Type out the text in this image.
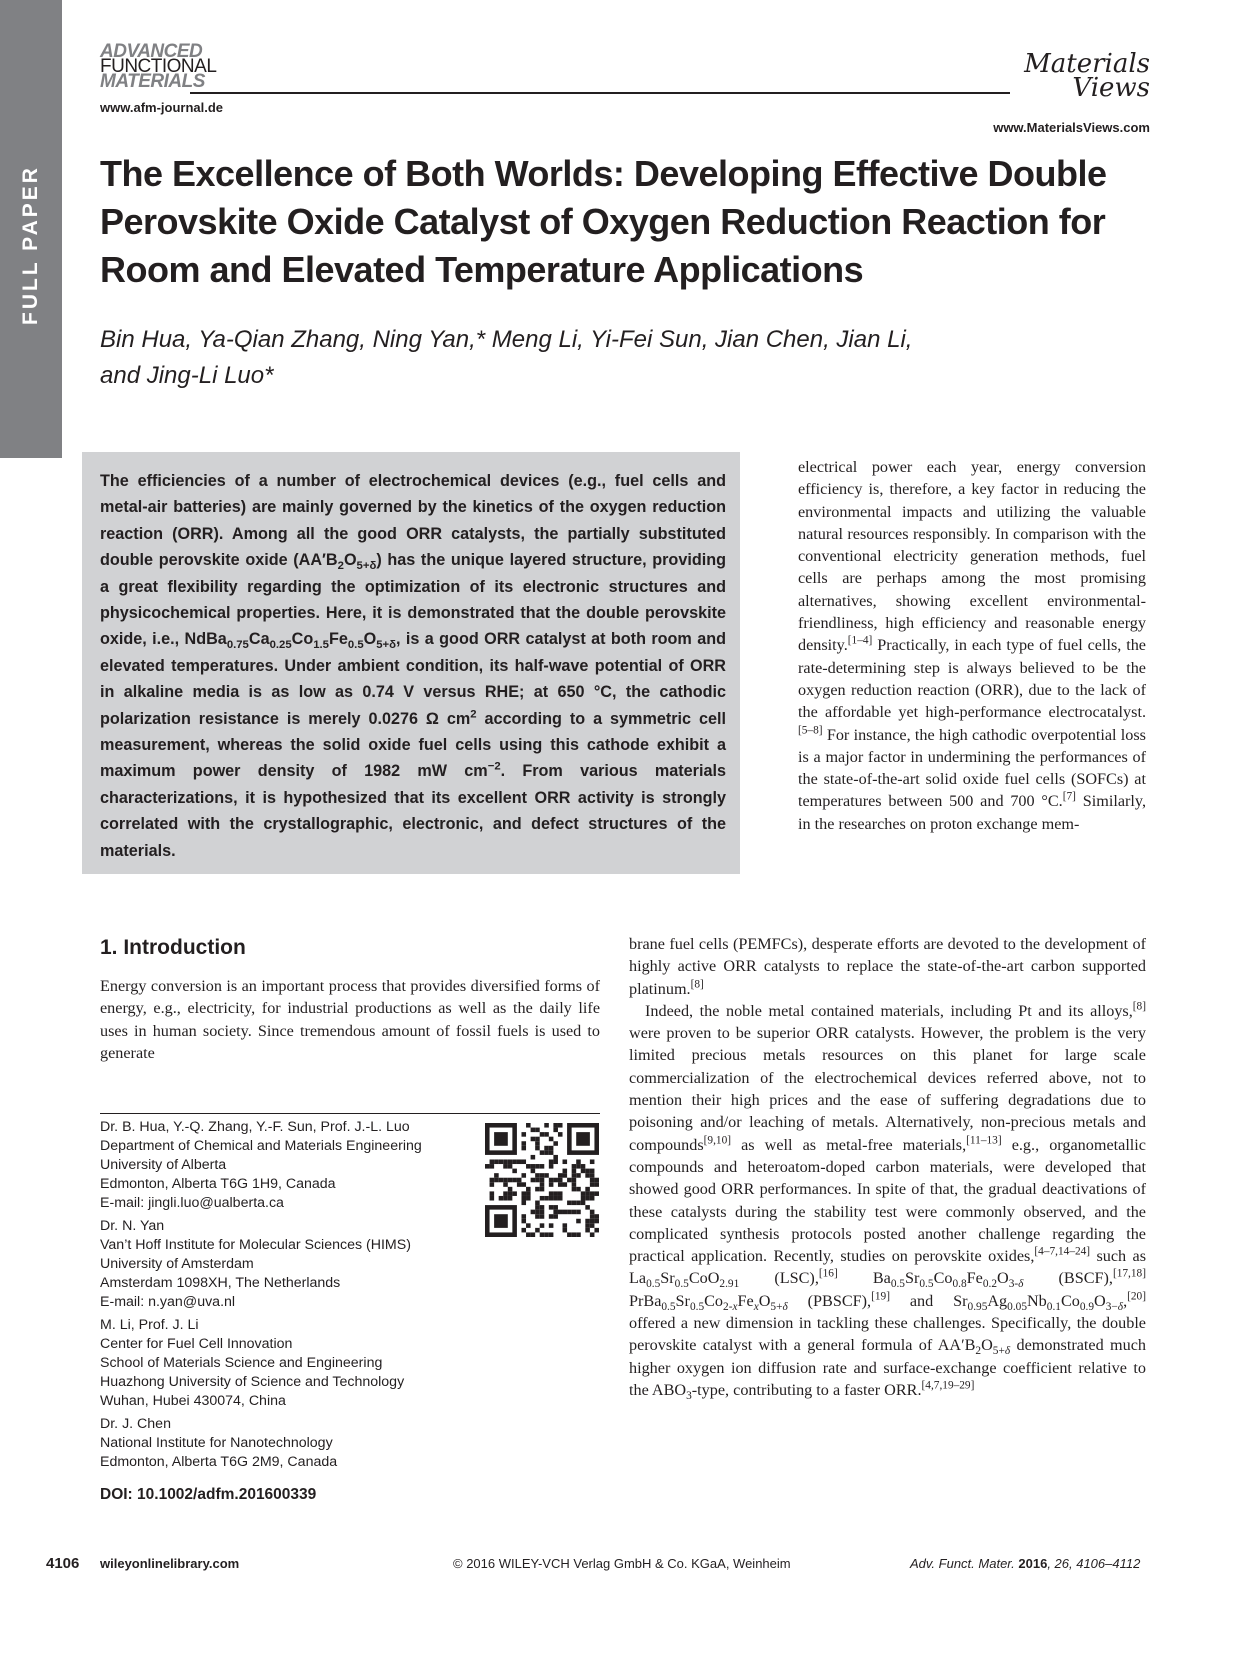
FULL PAPER
ADVANCED
FUNCTIONAL
MATERIALS
www.afm-journal.de
Materials
Views
www.MaterialsViews.com
The Excellence of Both Worlds: Developing Effective Double Perovskite Oxide Catalyst of Oxygen Reduction Reaction for Room and Elevated Temperature Applications
Bin Hua, Ya-Qian Zhang, Ning Yan,* Meng Li, Yi-Fei Sun, Jian Chen, Jian Li,
and Jing-Li Luo*
The efficiencies of a number of electrochemical devices (e.g., fuel cells and metal-air batteries) are mainly governed by the kinetics of the oxygen reduction reaction (ORR). Among all the good ORR catalysts, the partially substituted double perovskite oxide $(AA'B_2O_{5+\delta})$ has the unique layered structure, providing a great flexibility regarding the optimization of its electronic structures and physicochemical properties. Here, it is demonstrated that the double perovskite oxide, i.e., $NdBa_{0.75}Ca_{0.25}Co_{1.5}Fe_{0.5}O_{5+\delta}$, is a good ORR catalyst at both room and elevated temperatures. Under ambient condition, its half-wave potential of ORR in alkaline media is as low as 0.74 V versus RHE; at 650 °C, the cathodic polarization resistance is merely 0.0276 Ω $cm^2$ according to a symmetric cell measurement, whereas the solid oxide fuel cells using this cathode exhibit a maximum power density of 1982 mW $cm^{-2}$. From various materials characterizations, it is hypothesized that its excellent ORR activity is strongly correlated with the crystallographic, electronic, and defect structures of the materials.
electrical power each year, energy conversion efficiency is, therefore, a key factor in reducing the environmental impacts and utilizing the valuable natural resources responsibly. In comparison with the conventional electricity generation methods, fuel cells are perhaps among the most promising alternatives, showing excellent environmental-friendliness, high efficiency and reasonable energy density.[1–4] Practically, in each type of fuel cells, the rate-determining step is always believed to be the oxygen reduction reaction (ORR), due to the lack of the affordable yet high-performance electrocatalyst.[5–8] For instance, the high cathodic overpotential loss is a major factor in undermining the performances of the state-of-the-art solid oxide fuel cells (SOFCs) at temperatures between 500 and 700 °C.[7] Similarly, in the researches on proton exchange mem-

brane fuel cells (PEMFCs), desperate efforts are devoted to the development of highly active ORR catalysts to replace the state-of-the-art carbon supported platinum.[8]

Indeed, the noble metal contained materials, including Pt and its alloys,[8] were proven to be superior ORR catalysts. However, the problem is the very limited precious metals resources on this planet for large scale commercialization of the electrochemical devices referred above, not to mention their high prices and the ease of suffering degradations due to poisoning and/or leaching of metals. Alternatively, non-precious metals and compounds[9,10] as well as metal-free materials,[11–13] e.g., organometallic compounds and heteroatom-doped carbon materials, were developed that showed good ORR performances. In spite of that, the gradual deactivations of these catalysts during the stability test were commonly observed, and the complicated synthesis protocols posted another challenge regarding the practical application. Recently, studies on perovskite oxides,[4–7,14–24] such as $La_{0.5}Sr_{0.5}CoO_{2.91}$ (LSC),[16] $Ba_{0.5}Sr_{0.5}Co_{0.8}Fe_{0.2}O_{3-\delta}$ (BSCF),[17,18] $PrBa_{0.5}Sr_{0.5}Co_{2-x}Fe_xO_{5+\delta}$ (PBSCF),[19] and $Sr_{0.95}Ag_{0.05}Nb_{0.1}Co_{0.9}O_{3-\delta},[20]$ offered a new dimension in tackling these challenges. Specifically, the double perovskite catalyst with a general formula of $AA'B_2O_{5+\delta}$ demonstrated much higher oxygen ion diffusion rate and surface-exchange coefficient relative to the $ABO_3$-type, contributing to a faster ORR.[4,7,19–29]

1. Introduction
Energy conversion is an important process that provides diversified forms of energy, e.g., electricity, for industrial productions as well as the daily life uses in human society. Since tremendous amount of fossil fuels is used to generate
Dr. B. Hua, Y.-Q. Zhang, Y.-F. Sun, Prof. J.-L. Luo
Department of Chemical and Materials Engineering
University of Alberta
Edmonton, Alberta T6G 1H9, Canada
E-mail: jingli.luo@ualberta.ca
Dr. N. Yan
Van’t Hoff Institute for Molecular Sciences (HIMS)
University of Amsterdam
Amsterdam 1098XH, The Netherlands
E-mail: n.yan@uva.nl
M. Li, Prof. J. Li
Center for Fuel Cell Innovation
School of Materials Science and Engineering
Huazhong University of Science and Technology
Wuhan, Hubei 430074, China
Dr. J. Chen
National Institute for Nanotechnology
Edmonton, Alberta T6G 2M9, Canada
DOI: 10.1002/adfm.201600339
4106 wileyonlinelibrary.com	© 2016 WILEY-VCH Verlag GmbH & Co. KGaA, Weinheim	Adv. Funct. Mater. 2016, 26, 4106–4112
